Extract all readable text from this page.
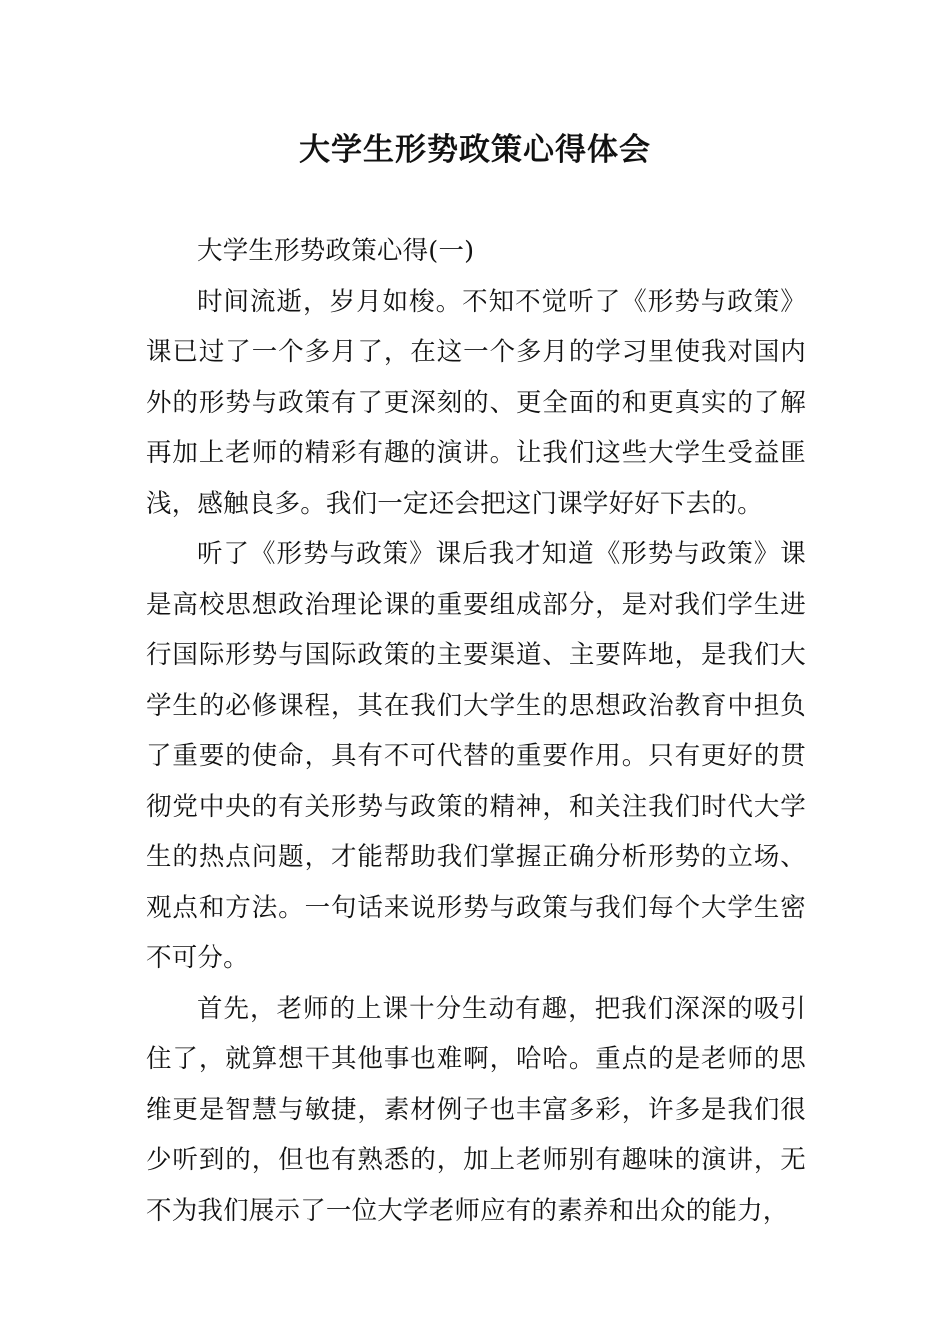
大学生形势政策心得体会

大学生形势政策心得(一)

时间流逝，岁月如梭。不知不觉听了《形势与政策》课已过了一个多月了，在这一个多月的学习里使我对国内外的形势与政策有了更深刻的、更全面的和更真实的了解再加上老师的精彩有趣的演讲。让我们这些大学生受益匪浅，感触良多。我们一定还会把这门课学好好下去的。

听了《形势与政策》课后我才知道《形势与政策》课是高校思想政治理论课的重要组成部分，是对我们学生进行国际形势与国际政策的主要渠道、主要阵地，是我们大学生的必修课程，其在我们大学生的思想政治教育中担负了重要的使命，具有不可代替的重要作用。只有更好的贯彻党中央的有关形势与政策的精神，和关注我们时代大学生的热点问题，才能帮助我们掌握正确分析形势的立场、观点和方法。一句话来说形势与政策与我们每个大学生密不可分。

首先，老师的上课十分生动有趣，把我们深深的吸引住了，就算想干其他事也难啊，哈哈。重点的是老师的思维更是智慧与敏捷，素材例子也丰富多彩，许多是我们很少听到的，但也有熟悉的，加上老师别有趣味的演讲，无不为我们展示了一位大学老师应有的素养和出众的能力，
